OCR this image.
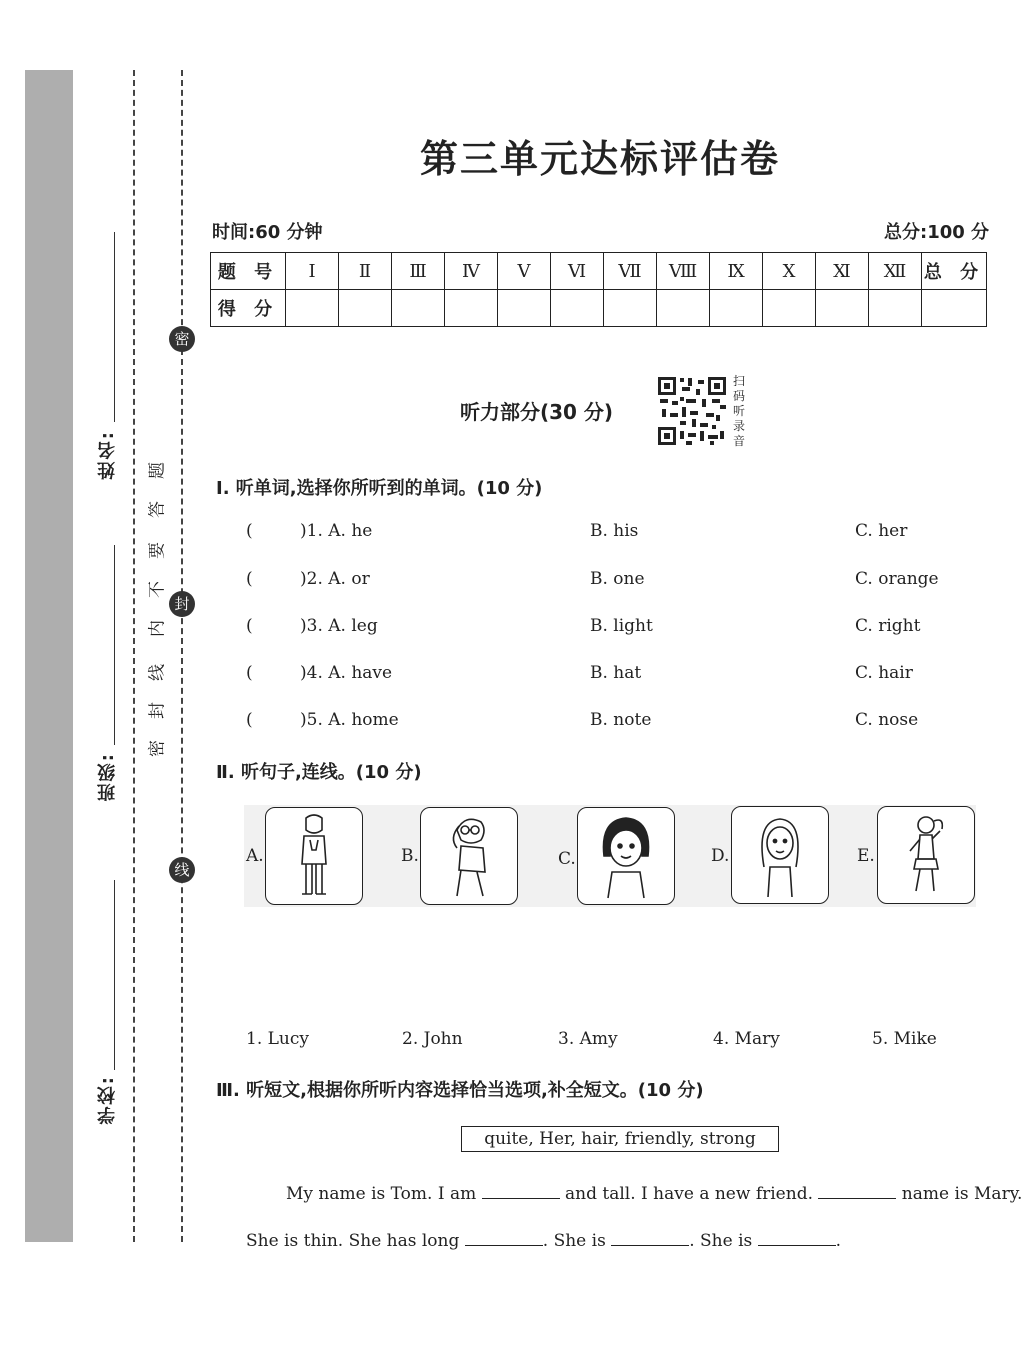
姓名:
班级:
学校:
密
封
线
密
封
线
内
不
要
答
题
第三单元达标评估卷
时间:60 分钟	总分:100 分
题 号	Ⅰ	Ⅱ	Ⅲ	Ⅳ	Ⅴ	Ⅵ	Ⅶ	Ⅷ	Ⅸ	Ⅹ	Ⅺ	Ⅻ	总 分
得 分													
听力部分(30 分)
扫码听录音
Ⅰ. 听单词,选择你所听到的单词。(10 分)
(	)1. A. he	B. his	C. her
(	)2. A. or	B. one	C. orange
(	)3. A. leg	B. light	C. right
(	)4. A. have	B. hat	C. hair
(	)5. A. home	B. note	C. nose
Ⅱ. 听句子,连线。(10 分)
A.	B.	C.	D.	E.
1. Lucy	2. John	3. Amy	4. Mary	5. Mike
Ⅲ. 听短文,根据你所听内容选择恰当选项,补全短文。(10 分)
quite, Her, hair, friendly, strong
My name is Tom. I am	and tall. I have a new friend.	name is Mary.
She is thin. She has long	. She is	. She is	.
